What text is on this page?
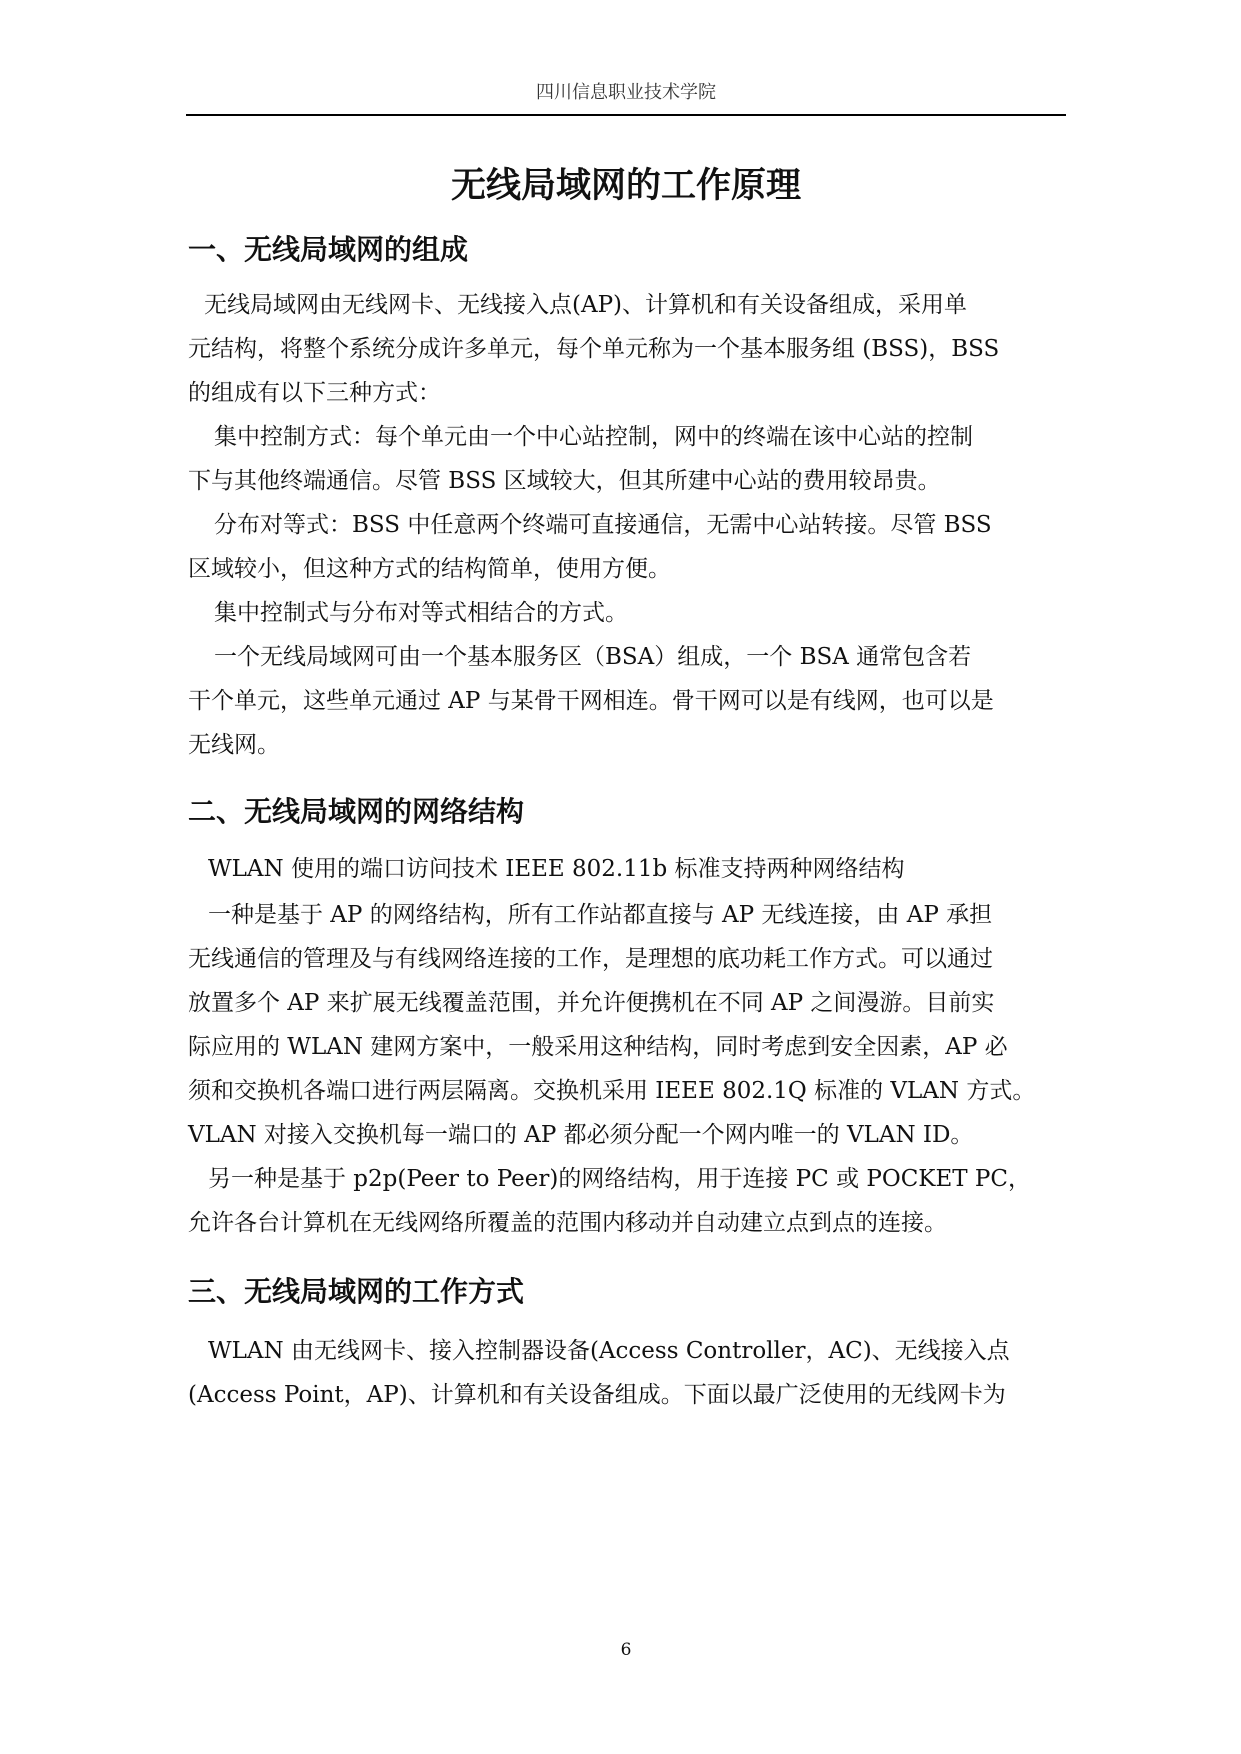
四川信息职业技术学院
无线局域网的工作原理
一、无线局域网的组成
无线局域网由无线网卡、无线接入点(AP)、计算机和有关设备组成，采用单
元结构，将整个系统分成许多单元，每个单元称为一个基本服务组 (BSS)，BSS
的组成有以下三种方式：
集中控制方式：每个单元由一个中心站控制，网中的终端在该中心站的控制
下与其他终端通信。尽管 BSS 区域较大，但其所建中心站的费用较昂贵。
分布对等式：BSS 中任意两个终端可直接通信，无需中心站转接。尽管 BSS
区域较小，但这种方式的结构简单，使用方便。
集中控制式与分布对等式相结合的方式。
一个无线局域网可由一个基本服务区（BSA）组成，一个 BSA 通常包含若
干个单元，这些单元通过 AP 与某骨干网相连。骨干网可以是有线网，也可以是
无线网。
二、无线局域网的网络结构
WLAN 使用的端口访问技术 IEEE 802.11b 标准支持两种网络结构
一种是基于 AP 的网络结构，所有工作站都直接与 AP 无线连接，由 AP 承担
无线通信的管理及与有线网络连接的工作，是理想的底功耗工作方式。可以通过
放置多个 AP 来扩展无线覆盖范围，并允许便携机在不同 AP 之间漫游。目前实
际应用的 WLAN 建网方案中，一般采用这种结构，同时考虑到安全因素，AP 必
须和交换机各端口进行两层隔离。交换机采用 IEEE 802.1Q 标准的 VLAN 方式。
VLAN 对接入交换机每一端口的 AP 都必须分配一个网内唯一的 VLAN ID。
另一种是基于 p2p(Peer to Peer)的网络结构，用于连接 PC 或 POCKET PC，
允许各台计算机在无线网络所覆盖的范围内移动并自动建立点到点的连接。
三、无线局域网的工作方式
WLAN 由无线网卡、接入控制器设备(Access Controller，AC)、无线接入点
(Access Point，AP)、计算机和有关设备组成。下面以最广泛使用的无线网卡为
6
